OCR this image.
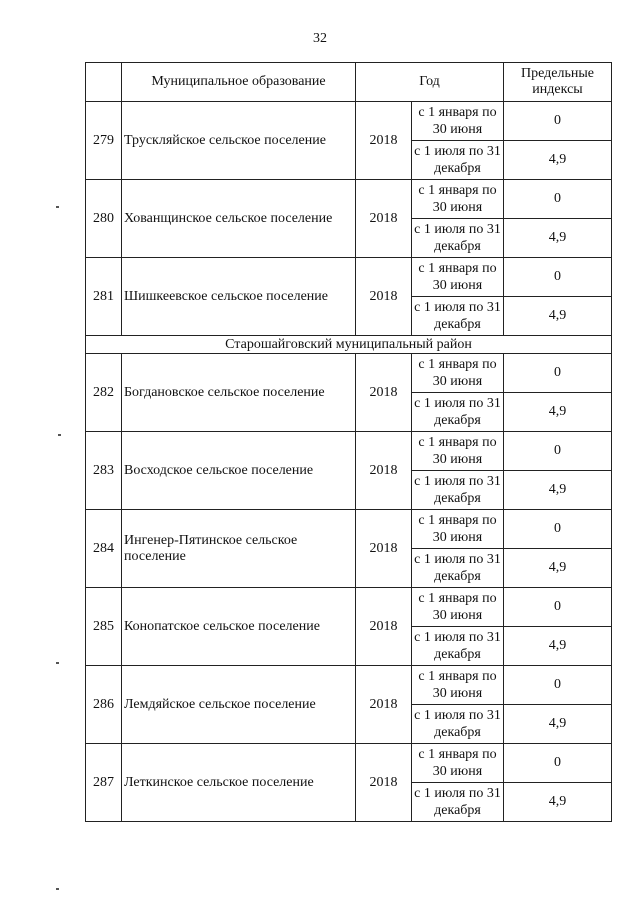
32
	Муниципальное образование	Год		Предельные индексы
279	Трускляйское сельское поселение	2018	с 1 января по 30 июня	0
			с 1 июля по 31 декабря	4,9
280	Хованщинское сельское поселение	2018	с 1 января по 30 июня	0
			с 1 июля по 31 декабря	4,9
281	Шишкеевское сельское поселение	2018	с 1 января по 30 июня	0
			с 1 июля по 31 декабря	4,9
Старошайговский муниципальный район				
282	Богдановское сельское поселение	2018	с 1 января по 30 июня	0
			с 1 июля по 31 декабря	4,9
283	Восходское сельское поселение	2018	с 1 января по 30 июня	0
			с 1 июля по 31 декабря	4,9
284	Ингенер-Пятинское сельское поселение	2018	с 1 января по 30 июня	0
			с 1 июля по 31 декабря	4,9
285	Конопатское сельское поселение	2018	с 1 января по 30 июня	0
			с 1 июля по 31 декабря	4,9
286	Лемдяйское сельское поселение	2018	с 1 января по 30 июня	0
			с 1 июля по 31 декабря	4,9
287	Леткинское сельское поселение	2018	с 1 января по 30 июня	0
			с 1 июля по 31 декабря	4,9
